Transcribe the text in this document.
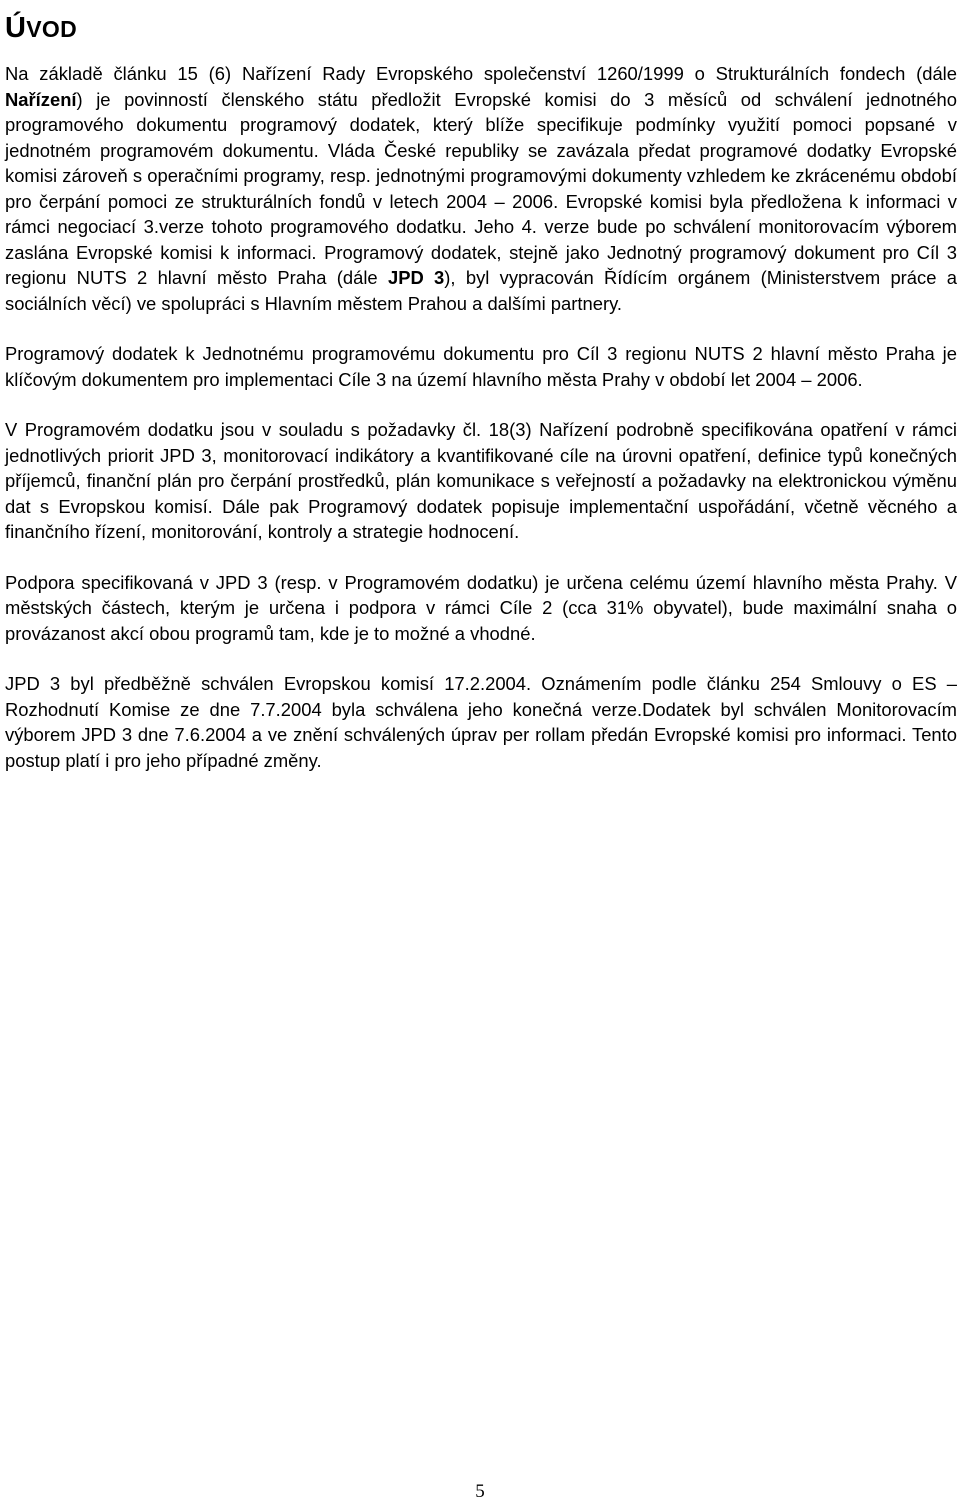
ÚVOD

Na základě článku 15 (6) Nařízení Rady Evropského společenství 1260/1999 o Strukturálních fondech (dále Nařízení) je povinností členského státu předložit Evropské komisi do 3 měsíců od schválení jednotného programového dokumentu programový dodatek, který blíže specifikuje podmínky využití pomoci popsané v jednotném programovém dokumentu. Vláda České republiky se zavázala předat programové dodatky Evropské komisi zároveň s operačními programy, resp. jednotnými programovými dokumenty vzhledem ke zkrácenému období pro čerpání pomoci ze strukturálních fondů v letech 2004 – 2006. Evropské komisi byla předložena k informaci v rámci negociací 3.verze tohoto programového dodatku. Jeho 4. verze bude po schválení monitorovacím výborem zaslána Evropské komisi k informaci. Programový dodatek, stejně jako Jednotný programový dokument pro Cíl 3 regionu NUTS 2 hlavní město Praha (dále JPD 3), byl vypracován Řídícím orgánem (Ministerstvem práce a sociálních věcí) ve spolupráci s Hlavním městem Prahou a dalšími partnery.

Programový dodatek k Jednotnému programovému dokumentu pro Cíl 3 regionu NUTS 2 hlavní město Praha je klíčovým dokumentem pro implementaci Cíle 3 na území hlavního města Prahy v období let 2004 – 2006.

V Programovém dodatku jsou v souladu s požadavky čl. 18(3) Nařízení podrobně specifikována opatření v rámci jednotlivých priorit JPD 3, monitorovací indikátory a kvantifikované cíle na úrovni opatření, definice typů konečných příjemců, finanční plán pro čerpání prostředků, plán komunikace s veřejností a požadavky na elektronickou výměnu dat s Evropskou komisí. Dále pak Programový dodatek popisuje implementační uspořádání, včetně věcného a finančního řízení, monitorování, kontroly a strategie hodnocení.

Podpora specifikovaná v JPD 3 (resp. v Programovém dodatku) je určena celému území hlavního města Prahy. V městských částech, kterým je určena i podpora v rámci Cíle 2 (cca 31% obyvatel), bude maximální snaha o provázanost akcí obou programů tam, kde je to možné a vhodné.

JPD 3 byl předběžně schválen Evropskou komisí 17.2.2004. Oznámením podle článku 254 Smlouvy o ES – Rozhodnutí Komise ze dne 7.7.2004 byla schválena jeho konečná verze.Dodatek byl schválen Monitorovacím výborem JPD 3 dne 7.6.2004 a ve znění schválených úprav per rollam předán Evropské komisi pro informaci. Tento postup platí i pro jeho případné změny.

5
